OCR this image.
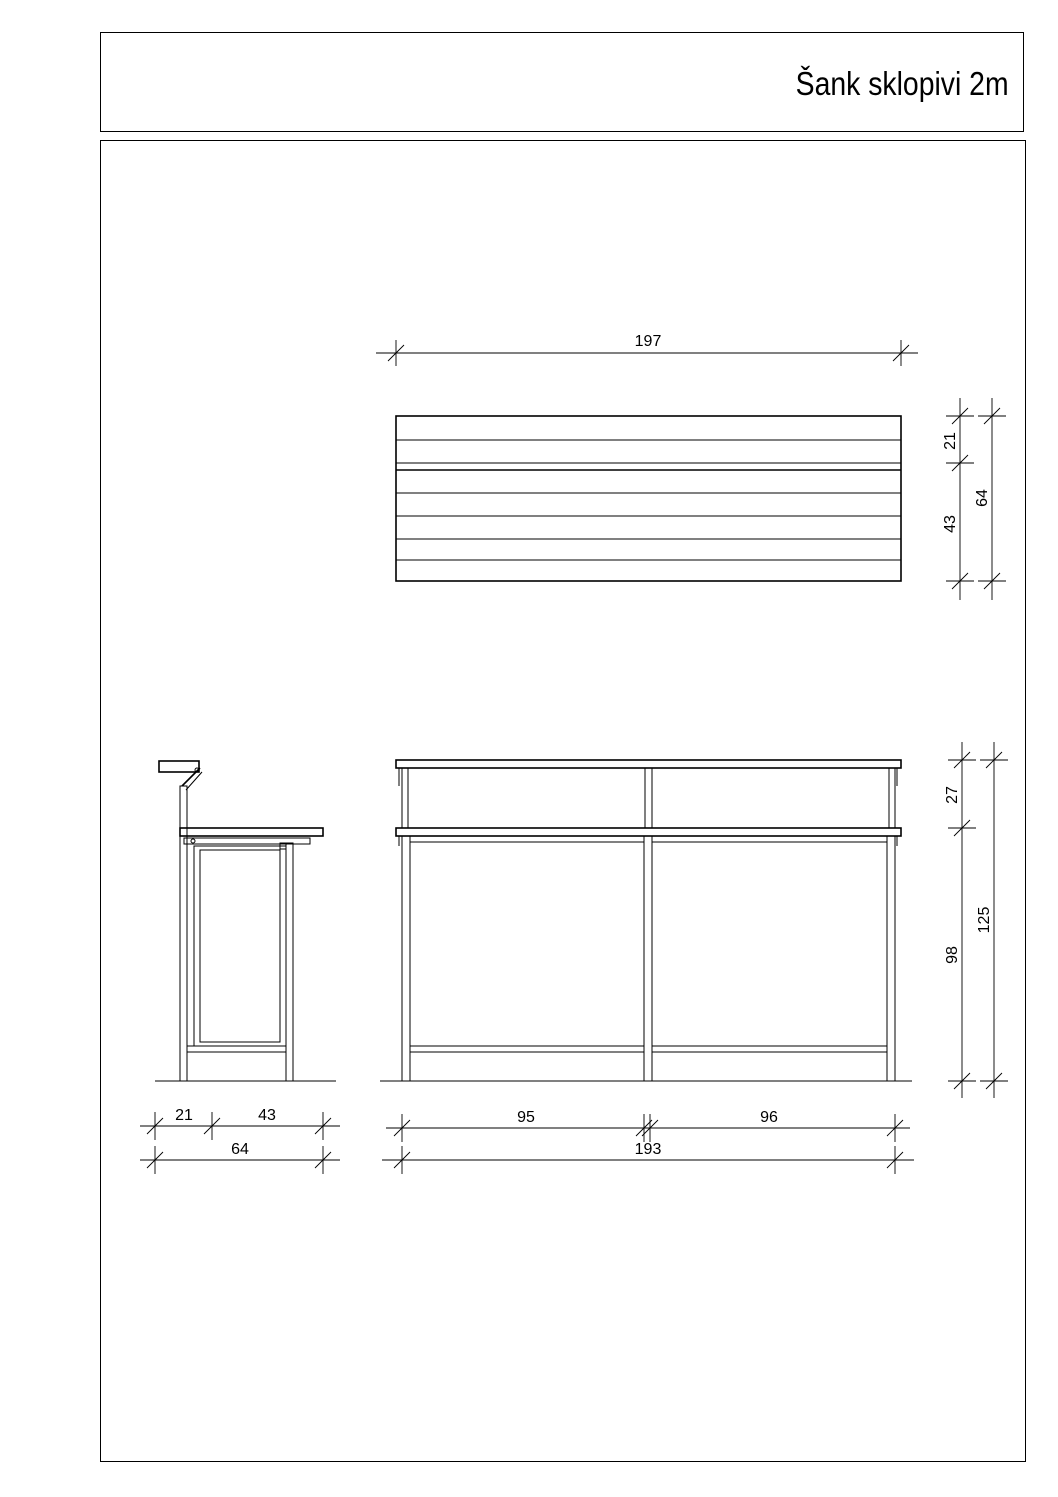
Šank sklopivi 2m
197
21
43
64
27
98
125
95	96
193
21	43
64
